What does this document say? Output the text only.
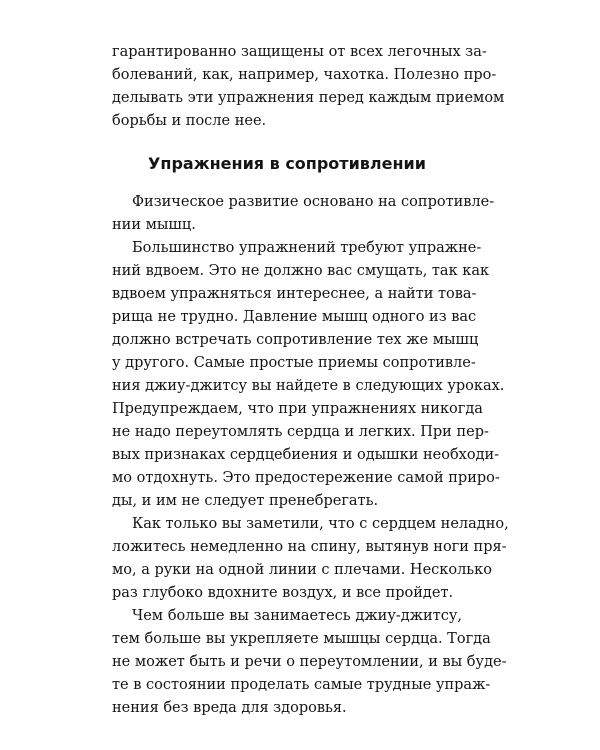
гарантированно защищены от всех легочных за-
болеваний, как, например, чахотка. Полезно про-
делывать эти упражнения перед каждым приемом
борьбы и после нее.
Упражнения в сопротивлении
Физическое развитие основано на сопротивле-
нии мышц.
Большинство упражнений требуют упражне-
ний вдвоем. Это не должно вас смущать, так как
вдвоем упражняться интереснее, а найти това-
рища не трудно. Давление мышц одного из вас
должно встречать сопротивление тех же мышц
у другого. Самые простые приемы сопротивле-
ния джиу-джитсу вы найдете в следующих уроках.
Предупреждаем, что при упражнениях никогда
не надо переутомлять сердца и легких. При пер-
вых признаках сердцебиения и одышки необходи-
мо отдохнуть. Это предостережение самой приро-
ды, и им не следует пренебрегать.
Как только вы заметили, что с сердцем неладно,
ложитесь немедленно на спину, вытянув ноги пря-
мо, а руки на одной линии с плечами. Несколько
раз глубоко вдохните воздух, и все пройдет.
Чем больше вы занимаетесь джиу-джитсу,
тем больше вы укрепляете мышцы сердца. Тогда
не может быть и речи о переутомлении, и вы буде-
те в состоянии проделать самые трудные упраж-
нения без вреда для здоровья.
